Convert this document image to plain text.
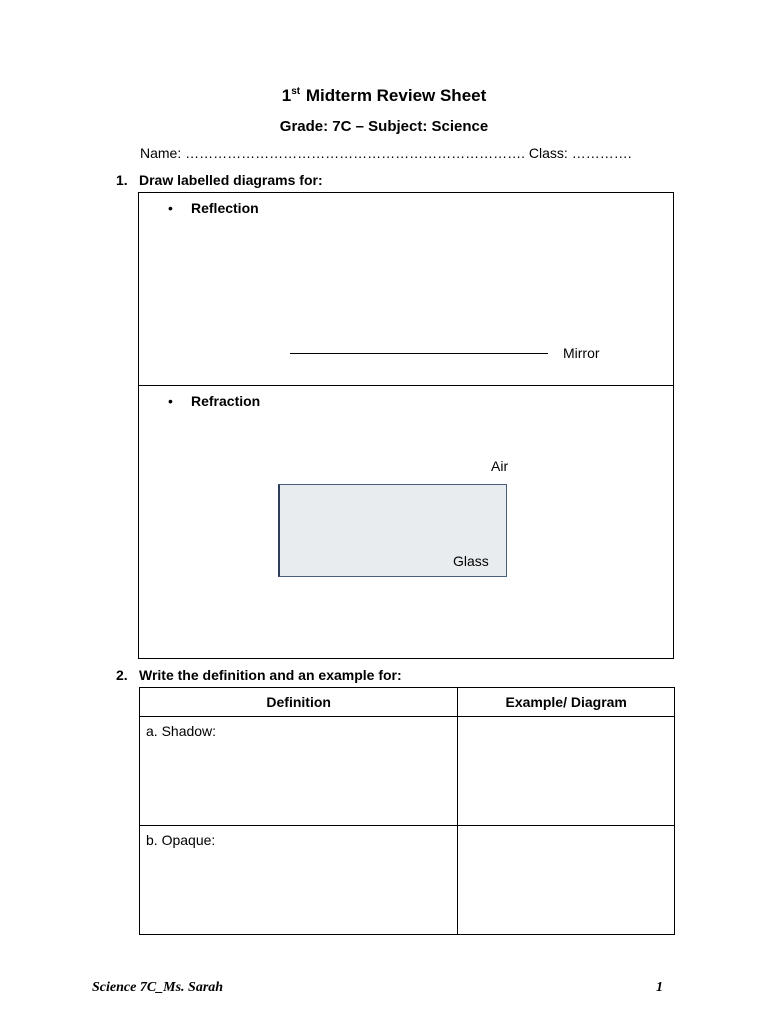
1st Midterm Review Sheet
Grade: 7C – Subject: Science
Name: ………………………………………………………………. Class: ………….
1. Draw labelled diagrams for:
• Reflection
Mirror
• Refraction
Air
Glass
2. Write the definition and an example for:
Definition	Example/ Diagram

a. Shadow:	

b. Opaque:	

Science 7C_Ms. Sarah	1
